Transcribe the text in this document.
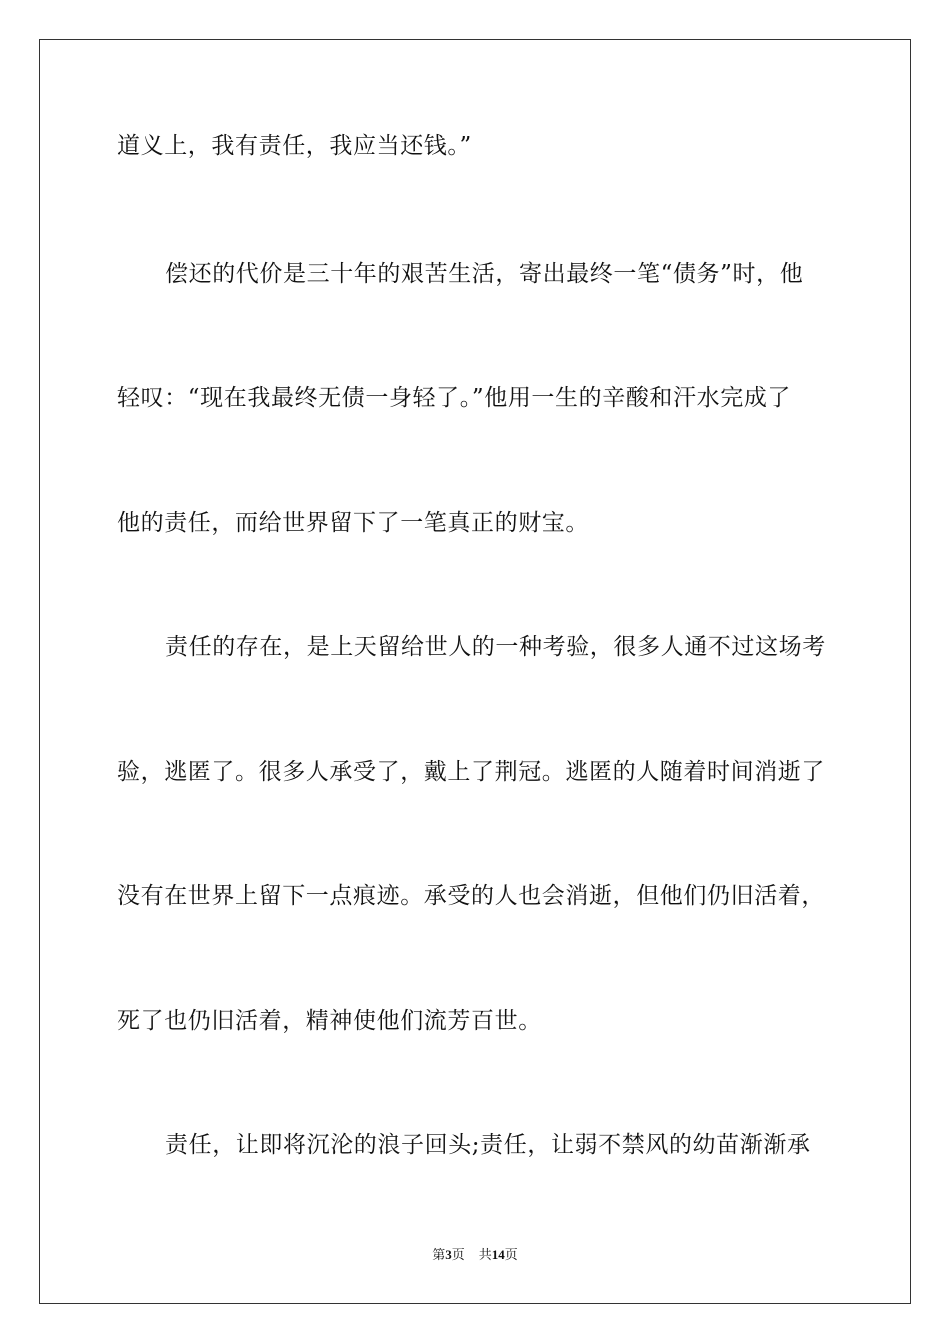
道义上，我有责任，我应当还钱。”
偿还的代价是三十年的艰苦生活，寄出最终一笔“债务”时，他
轻叹：“现在我最终无债一身轻了。”他用一生的辛酸和汗水完成了
他的责任，而给世界留下了一笔真正的财宝。
责任的存在，是上天留给世人的一种考验，很多人通不过这场考
验，逃匿了。很多人承受了，戴上了荆冠。逃匿的人随着时间消逝了
没有在世界上留下一点痕迹。承受的人也会消逝，但他们仍旧活着，
死了也仍旧活着，精神使他们流芳百世。
责任，让即将沉沦的浪子回头;责任，让弱不禁风的幼苗渐渐承
第3页 共14页
